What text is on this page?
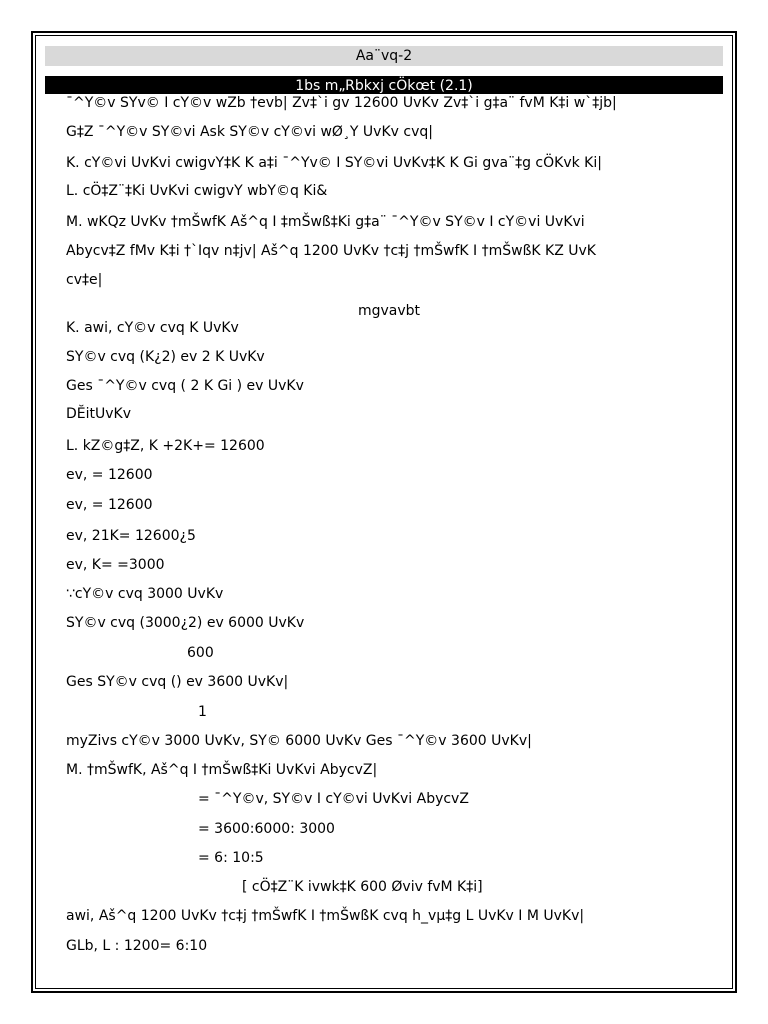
Aa¨vq-2
1bs m„Rbkxj cÖkœt (2.1)
¯^Y©v SYv© I cY©v wZb †evb| Zv‡`i gv 12600 UvKv Zv‡`i g‡a¨ fvM K‡i w`‡jb|
G‡Z ¯^Y©v SY©vi Ask SY©v cY©vi wØ¸Y UvKv cvq|
K. cY©vi UvKvi cwigvY‡K K a‡i ¯^Yv© I SY©vi UvKv‡K K Gi gva¨‡g cÖKvk Ki|
L. cÖ‡Z¨‡Ki UvKvi cwigvY wbY©q Ki&
M. wKQz UvKv †mŠwfK Aš^q I ‡mŠwß‡Ki g‡a¨ ¯^Y©v SY©v I cY©vi UvKvi
Abycv‡Z fMv K‡i †`Iqv n‡jv| Aš^q 1200 UvKv †c‡j †mŠwfK I †mŠwßK KZ UvK
cv‡e|
mgvavbt
K. awi, cY©v cvq K UvKv
SY©v cvq (K¿2) ev 2 K UvKv
Ges ¯^Y©v cvq ( 2 K Gi ) ev UvKv
DĔitUvKv
L. kZ©g‡Z, K +2K+= 12600
ev, = 12600
ev, = 12600
ev, 21K= 12600¿5
ev, K= =3000
∵cY©v cvq 3000 UvKv
SY©v cvq (3000¿2) ev 6000 UvKv
600
Ges SY©v cvq () ev 3600 UvKv|
1
myZivs cY©v 3000 UvKv, SY© 6000 UvKv Ges ¯^Y©v 3600 UvKv|
M. †mŠwfK, Aš^q I †mŠwß‡Ki UvKvi AbycvZ|
= ¯^Y©v, SY©v I cY©vi UvKvi AbycvZ
= 3600:6000: 3000
= 6: 10:5
[ cÖ‡Z¨K ivwk‡K 600 Øviv fvM K‡i]
awi, Aš^q 1200 UvKv †c‡j †mŠwfK I †mŠwßK cvq h_vµ‡g L UvKv I M UvKv|
GLb, L : 1200= 6:10
